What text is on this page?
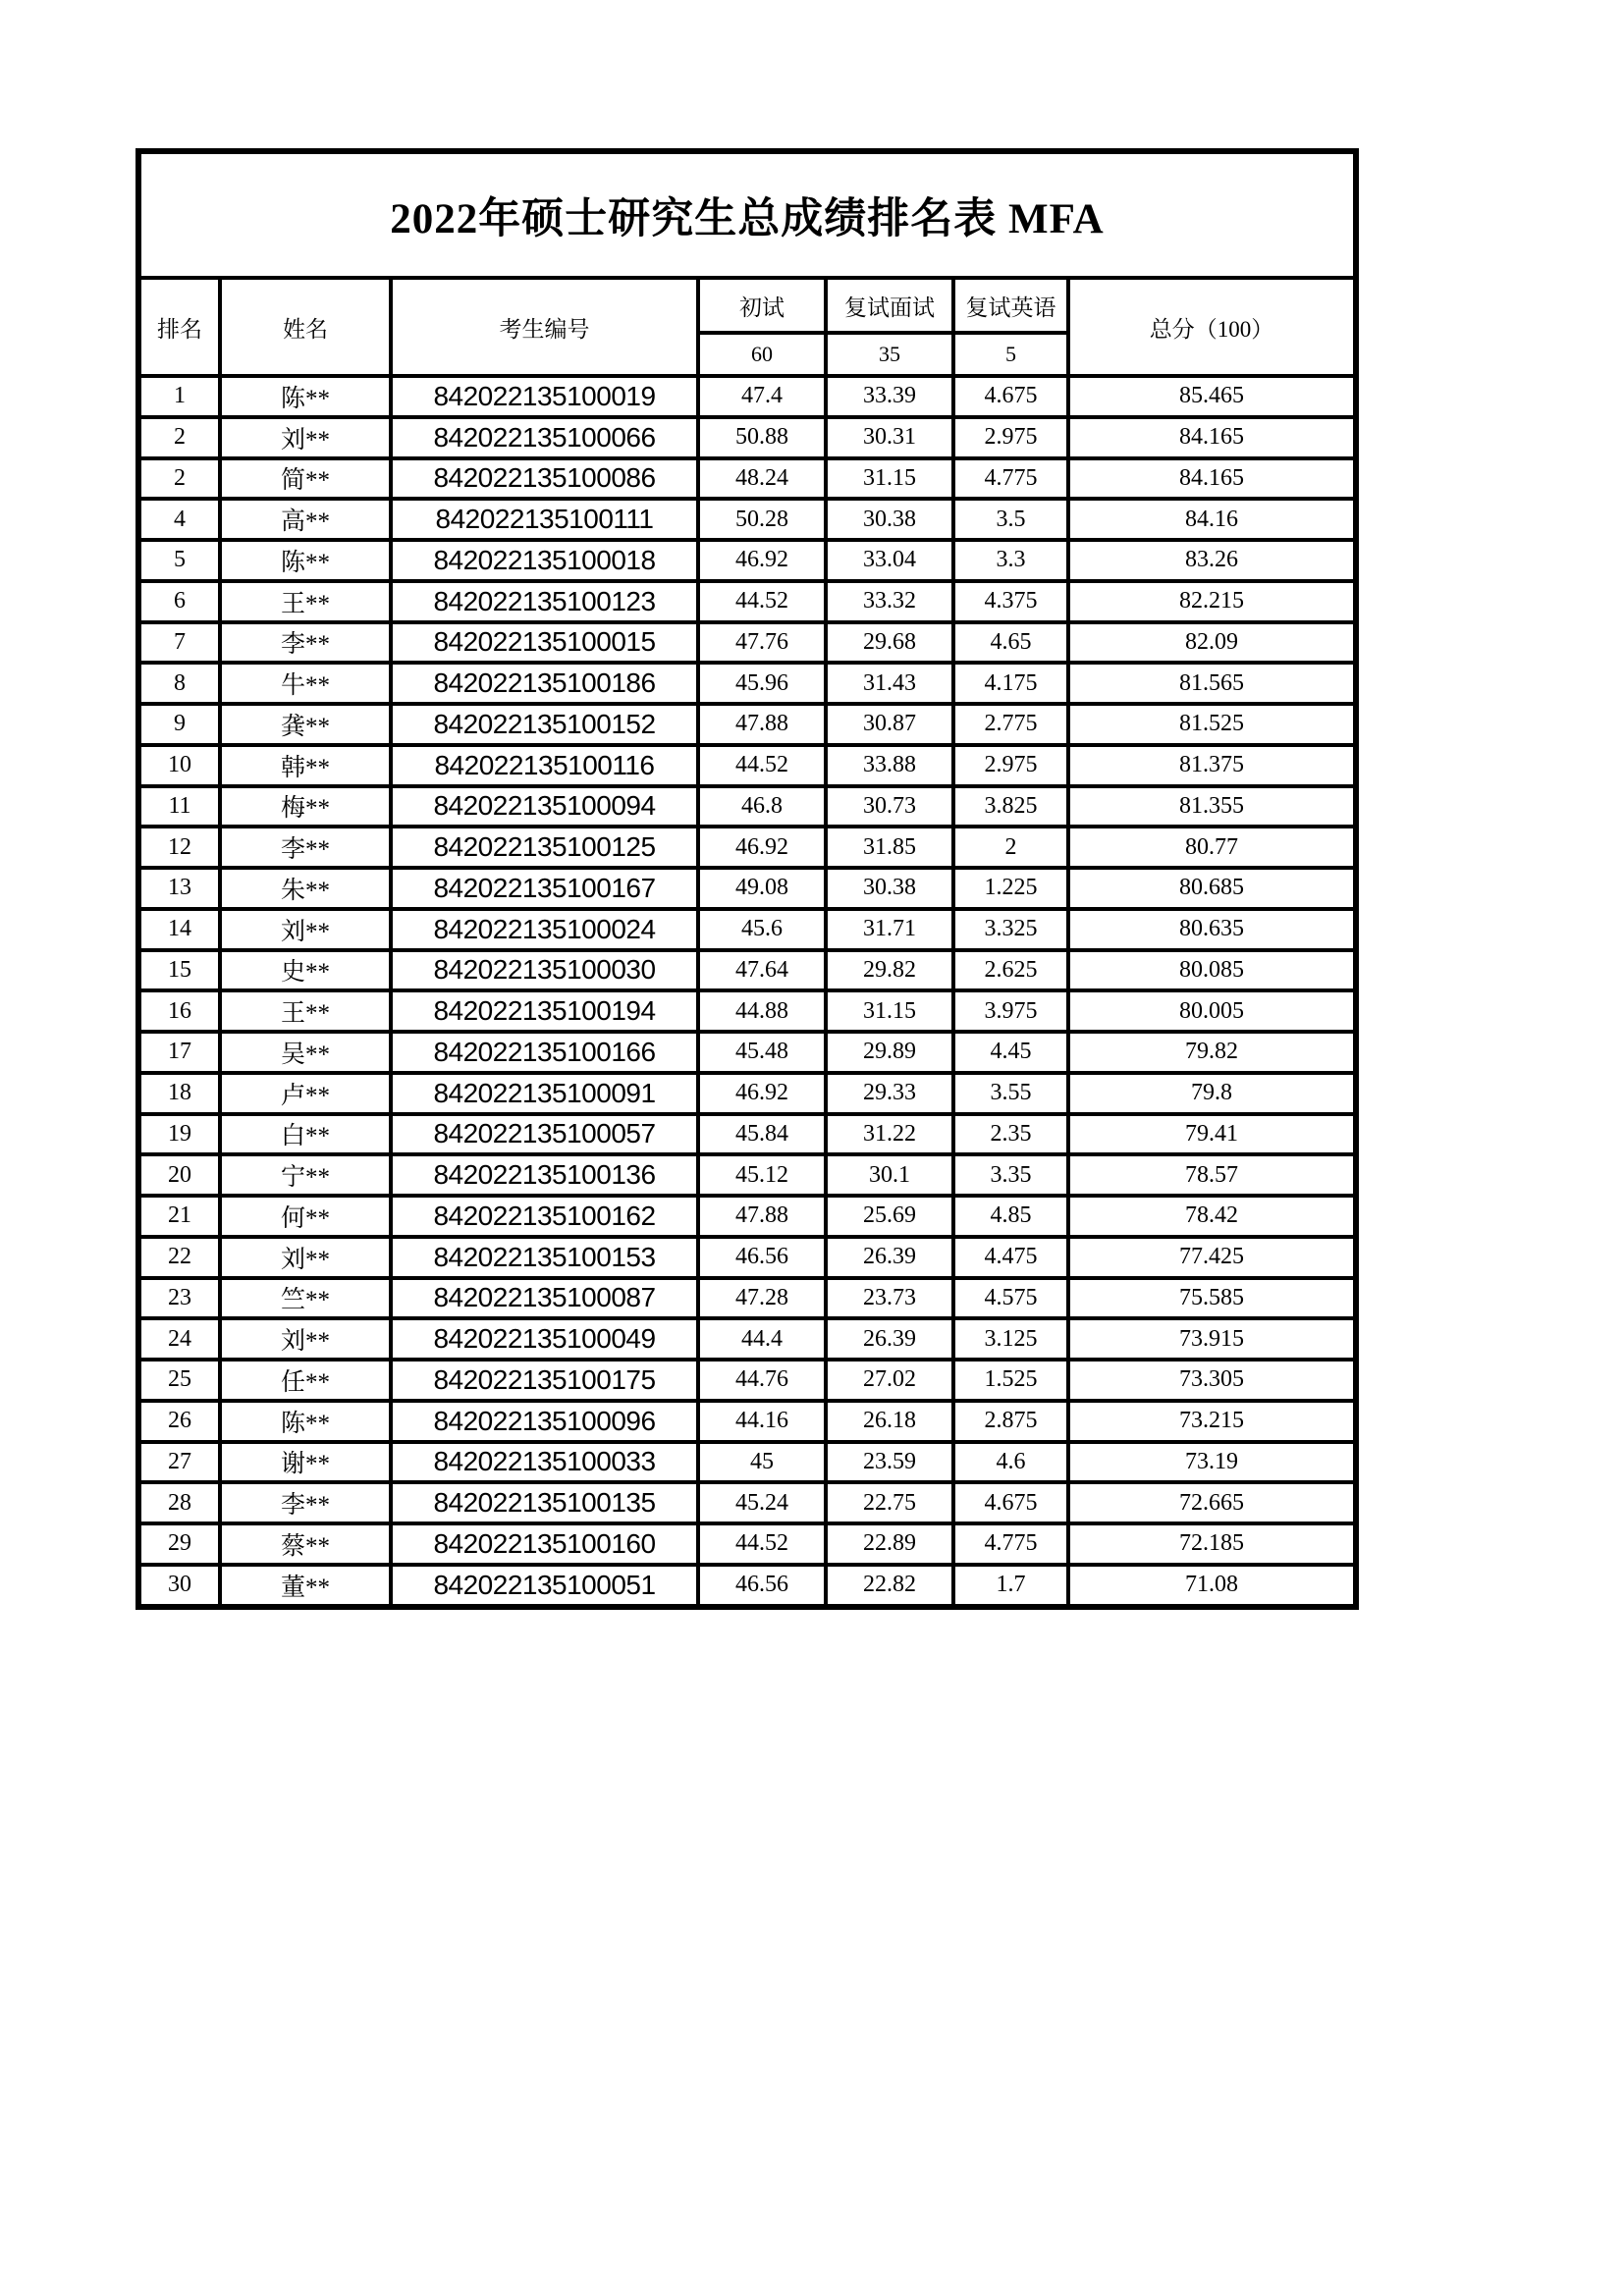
2022年硕士研究生总成绩排名表 MFA						
排名	姓名	考生编号	初试	复试面试	复试英语	总分（100）
			60	35	5	
1	陈**	842022135100019	47.4	33.39	4.675	85.465
2	刘**	842022135100066	50.88	30.31	2.975	84.165
2	简**	842022135100086	48.24	31.15	4.775	84.165
4	高**	842022135100111	50.28	30.38	3.5	84.16
5	陈**	842022135100018	46.92	33.04	3.3	83.26
6	王**	842022135100123	44.52	33.32	4.375	82.215
7	李**	842022135100015	47.76	29.68	4.65	82.09
8	牛**	842022135100186	45.96	31.43	4.175	81.565
9	龚**	842022135100152	47.88	30.87	2.775	81.525
10	韩**	842022135100116	44.52	33.88	2.975	81.375
11	梅**	842022135100094	46.8	30.73	3.825	81.355
12	李**	842022135100125	46.92	31.85	2	80.77
13	朱**	842022135100167	49.08	30.38	1.225	80.685
14	刘**	842022135100024	45.6	31.71	3.325	80.635
15	史**	842022135100030	47.64	29.82	2.625	80.085
16	王**	842022135100194	44.88	31.15	3.975	80.005
17	吴**	842022135100166	45.48	29.89	4.45	79.82
18	卢**	842022135100091	46.92	29.33	3.55	79.8
19	白**	842022135100057	45.84	31.22	2.35	79.41
20	宁**	842022135100136	45.12	30.1	3.35	78.57
21	何**	842022135100162	47.88	25.69	4.85	78.42
22	刘**	842022135100153	46.56	26.39	4.475	77.425
23	竺**	842022135100087	47.28	23.73	4.575	75.585
24	刘**	842022135100049	44.4	26.39	3.125	73.915
25	任**	842022135100175	44.76	27.02	1.525	73.305
26	陈**	842022135100096	44.16	26.18	2.875	73.215
27	谢**	842022135100033	45	23.59	4.6	73.19
28	李**	842022135100135	45.24	22.75	4.675	72.665
29	蔡**	842022135100160	44.52	22.89	4.775	72.185
30	董**	842022135100051	46.56	22.82	1.7	71.08
